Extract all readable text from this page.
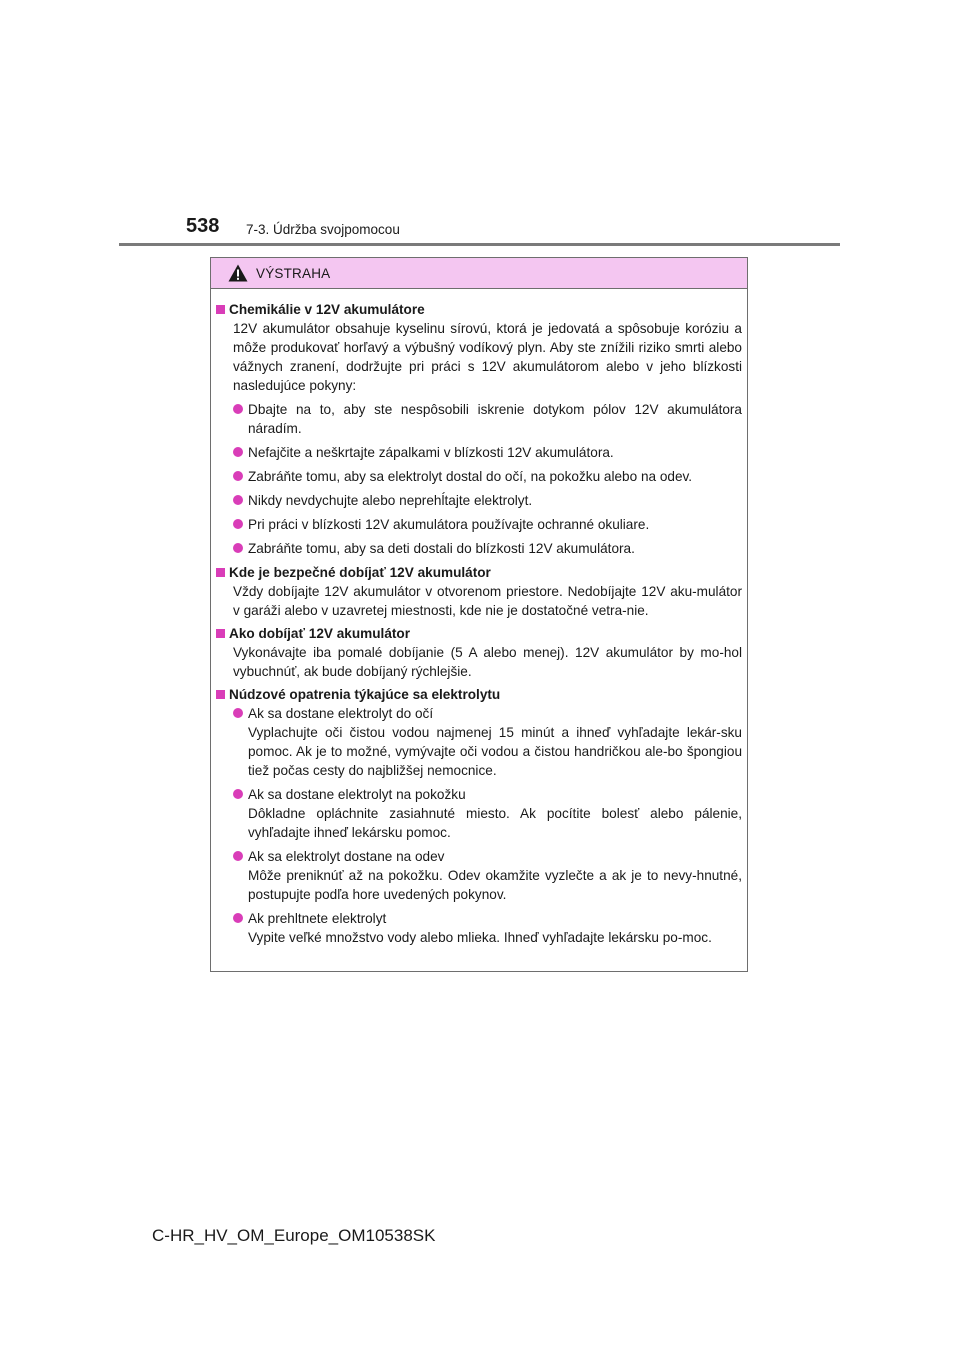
538 7-3. Údržba svojpomocou
VÝSTRAHA
Chemikálie v 12V akumulátore

12V akumulátor obsahuje kyselinu sírovú, ktorá je jedovatá a spôsobuje koróziu a môže produkovať horľavý a výbušný vodíkový plyn. Aby ste znížili riziko smrti alebo vážnych zranení, dodržujte pri práci s 12V akumulátorom alebo v jeho blízkosti nasledujúce pokyny:

Dbajte na to, aby ste nespôsobili iskrenie dotykom pólov 12V akumulátora náradím.
Nefajčite a neškrtajte zápalkami v blízkosti 12V akumulátora.
Zabráňte tomu, aby sa elektrolyt dostal do očí, na pokožku alebo na odev.
Nikdy nevdychujte alebo neprehĺtajte elektrolyt.
Pri práci v blízkosti 12V akumulátora používajte ochranné okuliare.
Zabráňte tomu, aby sa deti dostali do blízkosti 12V akumulátora.
Kde je bezpečné dobíjať 12V akumulátor

Vždy dobíjajte 12V akumulátor v otvorenom priestore. Nedobíjajte 12V aku-mulátor v garáži alebo v uzavretej miestnosti, kde nie je dostatočné vetra-nie.

Ako dobíjať 12V akumulátor

Vykonávajte iba pomalé dobíjanie (5 A alebo menej). 12V akumulátor by mo-hol vybuchnúť, ak bude dobíjaný rýchlejšie.

Núdzové opatrenia týkajúce sa elektrolytu
Ak sa dostane elektrolyt do očí
Vyplachujte oči čistou vodou najmenej 15 minút a ihneď vyhľadajte lekár-sku pomoc. Ak je to možné, vymývajte oči vodou a čistou handričkou ale-bo špongiou tiež počas cesty do najbližšej nemocnice.
Ak sa dostane elektrolyt na pokožku
Dôkladne opláchnite zasiahnuté miesto. Ak pocítite bolesť alebo pálenie, vyhľadajte ihneď lekársku pomoc.
Ak sa elektrolyt dostane na odev
Môže preniknúť až na pokožku. Odev okamžite vyzlečte a ak je to nevy-hnutné, postupujte podľa hore uvedených pokynov.
Ak prehltnete elektrolyt
Vypite veľké množstvo vody alebo mlieka. Ihneď vyhľadajte lekársku po-moc.
C-HR_HV_OM_Europe_OM10538SK
